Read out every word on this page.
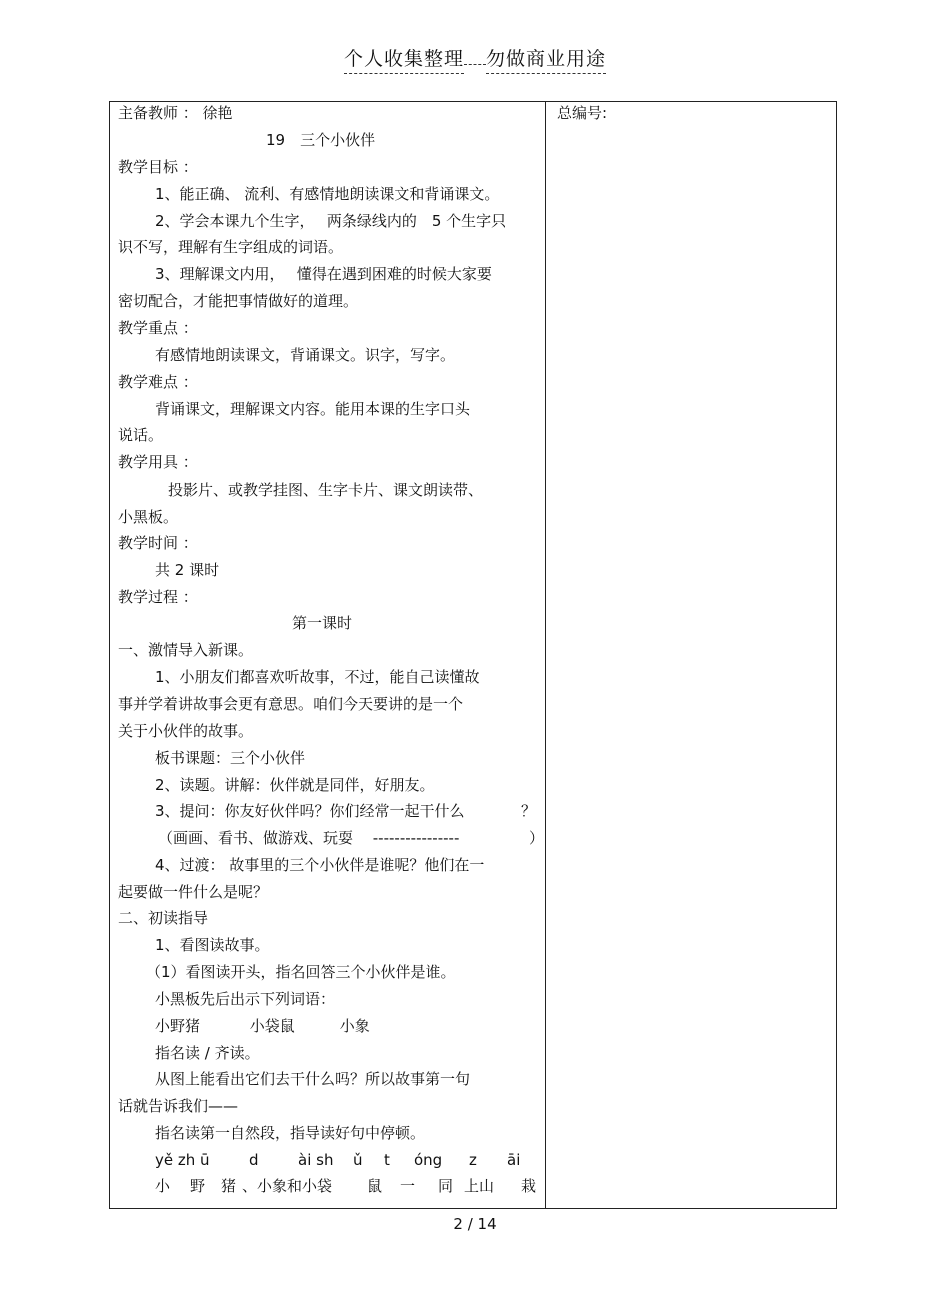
个人收集整理 勿做商业用途
总编号:
主备教师 ： 徐艳
19　三个小伙伴
教学目标 ：
1、能正确、 流利、有感情地朗读课文和背诵课文。
2、学会本课九个生字，　 两条绿线内的　5 个生字只
识不写，理解有生字组成的词语。
3、理解课文内用，　 懂得在遇到困难的时候大家要
密切配合，才能把事情做好的道理。
教学重点 ：
有感情地朗读课文，背诵课文。识字，写字。
教学难点 ：
背诵课文，理解课文内容。能用本课的生字口头
说话。
教学用具 ：
投影片、或教学挂图、生字卡片、课文朗读带、
小黑板。
教学时间 ：
共 2 课时
教学过程 ：
第一课时
一、激情导入新课。
1、小朋友们都喜欢听故事，不过，能自己读懂故
事并学着讲故事会更有意思。咱们今天要讲的是一个
关于小伙伴的故事。
板书课题：三个小伙伴
2、读题。讲解：伙伴就是同伴，好朋友。
3、提问：你友好伙伴吗？你们经常一起干什么	？
（画画、看书、做游戏、玩耍　 ----------------	）
4、过渡： 故事里的三个小伙伴是谁呢？他们在一
起要做一件什么是呢？
二、初读指导
1、看图读故事。
（1）看图读开头，指名回答三个小伙伴是谁。
小黑板先后出示下列词语：
小野猪　　　 小袋鼠　　　小象
指名读 / 齐读。
从图上能看出它们去干什么吗？所以故事第一句
话就告诉我们——
指名读第一自然段，指导读好句中停顿。
yě zh ū	d	ài sh ǔ t óng z āi
小 野 猪 、小象和小袋 鼠 一 同 上山 栽
2 / 14
